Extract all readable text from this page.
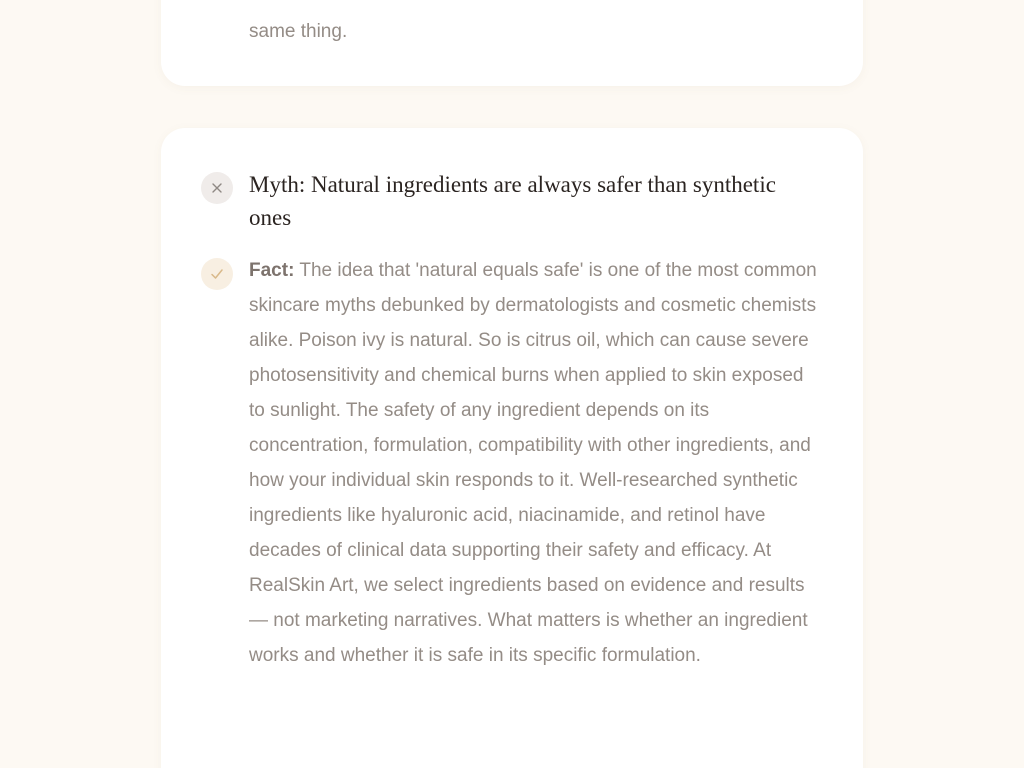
same thing.

Myth: Natural ingredients are always safer than synthetic ones

Fact: The idea that 'natural equals safe' is one of the most common skincare myths debunked by dermatologists and cosmetic chemists alike. Poison ivy is natural. So is citrus oil, which can cause severe photosensitivity and chemical burns when applied to skin exposed to sunlight. The safety of any ingredient depends on its concentration, formulation, compatibility with other ingredients, and how your individual skin responds to it. Well-researched synthetic ingredients like hyaluronic acid, niacinamide, and retinol have decades of clinical data supporting their safety and efficacy. At RealSkin Art, we select ingredients based on evidence and results — not marketing narratives. What matters is whether an ingredient works and whether it is safe in its specific formulation.
